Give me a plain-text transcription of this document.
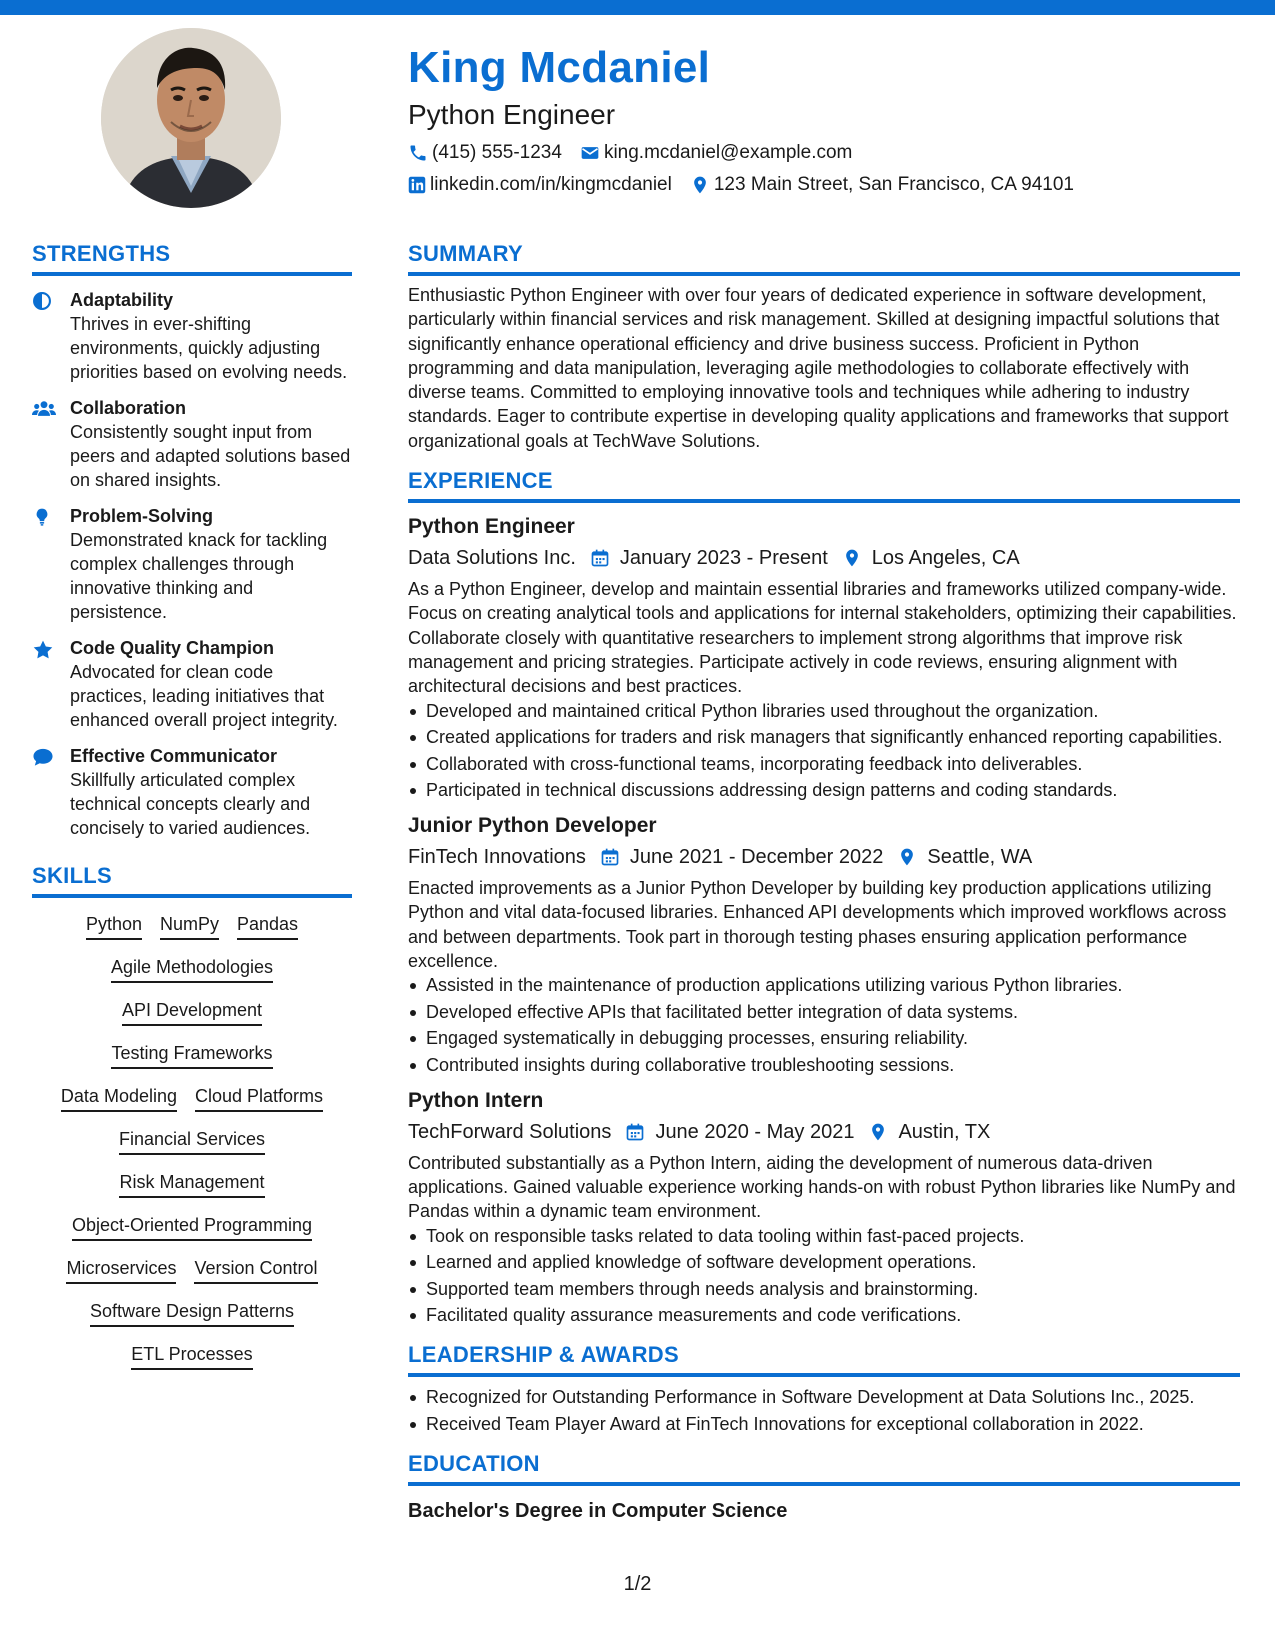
King Mcdaniel
Python Engineer
(415) 555-1234 king.mcdaniel@example.com
linkedin.com/in/kingmcdaniel 123 Main Street, San Francisco, CA 94101
STRENGTHS
Adaptability
Thrives in ever-shifting environments, quickly adjusting priorities based on evolving needs.
Collaboration
Consistently sought input from peers and adapted solutions based on shared insights.
Problem-Solving
Demonstrated knack for tackling complex challenges through innovative thinking and persistence.
Code Quality Champion
Advocated for clean code practices, leading initiatives that enhanced overall project integrity.
Effective Communicator
Skillfully articulated complex technical concepts clearly and concisely to varied audiences.
SKILLS
Python NumPy Pandas
Agile Methodologies
API Development
Testing Frameworks
Data Modeling Cloud Platforms
Financial Services
Risk Management
Object-Oriented Programming
Microservices Version Control
Software Design Patterns
ETL Processes
SUMMARY

Enthusiastic Python Engineer with over four years of dedicated experience in software development, particularly within financial services and risk management. Skilled at designing impactful solutions that significantly enhance operational efficiency and drive business success. Proficient in Python programming and data manipulation, leveraging agile methodologies to collaborate effectively with diverse teams. Committed to employing innovative tools and techniques while adhering to industry standards. Eager to contribute expertise in developing quality applications and frameworks that support organizational goals at TechWave Solutions.

EXPERIENCE
Python Engineer
Data Solutions Inc. January 2023 - Present Los Angeles, CA

As a Python Engineer, develop and maintain essential libraries and frameworks utilized company-wide. Focus on creating analytical tools and applications for internal stakeholders, optimizing their capabilities. Collaborate closely with quantitative researchers to implement strong algorithms that improve risk management and pricing strategies. Participate actively in code reviews, ensuring alignment with architectural decisions and best practices.

Developed and maintained critical Python libraries used throughout the organization.
Created applications for traders and risk managers that significantly enhanced reporting capabilities.
Collaborated with cross-functional teams, incorporating feedback into deliverables.
Participated in technical discussions addressing design patterns and coding standards.
Junior Python Developer
FinTech Innovations June 2021 - December 2022 Seattle, WA

Enacted improvements as a Junior Python Developer by building key production applications utilizing Python and vital data-focused libraries. Enhanced API developments which improved workflows across and between departments. Took part in thorough testing phases ensuring application performance excellence.

Assisted in the maintenance of production applications utilizing various Python libraries.
Developed effective APIs that facilitated better integration of data systems.
Engaged systematically in debugging processes, ensuring reliability.
Contributed insights during collaborative troubleshooting sessions.
Python Intern
TechForward Solutions June 2020 - May 2021 Austin, TX

Contributed substantially as a Python Intern, aiding the development of numerous data-driven applications. Gained valuable experience working hands-on with robust Python libraries like NumPy and Pandas within a dynamic team environment.

Took on responsible tasks related to data tooling within fast-paced projects.
Learned and applied knowledge of software development operations.
Supported team members through needs analysis and brainstorming.
Facilitated quality assurance measurements and code verifications.
LEADERSHIP & AWARDS
Recognized for Outstanding Performance in Software Development at Data Solutions Inc., 2025.
Received Team Player Award at FinTech Innovations for exceptional collaboration in 2022.
EDUCATION
Bachelor's Degree in Computer Science
1/2
